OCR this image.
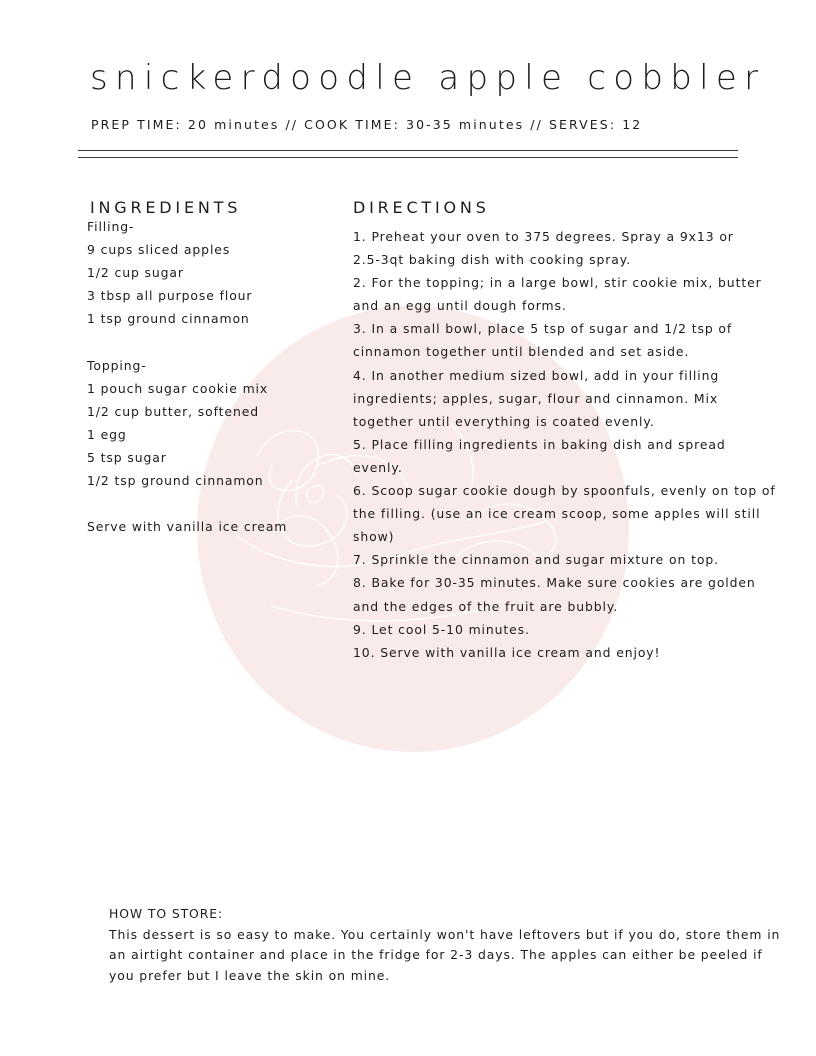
snickerdoodle apple cobbler
PREP TIME: 20 minutes // COOK TIME: 30-35 minutes // SERVES: 12
INGREDIENTS	DIRECTIONS
Filling-
9 cups sliced apples
1/2 cup sugar
3 tbsp all purpose flour
1 tsp ground cinnamon
Topping-
1 pouch sugar cookie mix
1/2 cup butter, softened
1 egg
5 tsp sugar
1/2 tsp ground cinnamon
Serve with vanilla ice cream
1. Preheat your oven to 375 degrees. Spray a 9x13 or
2.5-3qt baking dish with cooking spray.
2. For the topping; in a large bowl, stir cookie mix, butter
and an egg until dough forms.
3. In a small bowl, place 5 tsp of sugar and 1/2 tsp of
cinnamon together until blended and set aside.
4. In another medium sized bowl, add in your filling
ingredients; apples, sugar, flour and cinnamon. Mix
together until everything is coated evenly.
5. Place filling ingredients in baking dish and spread
evenly.
6. Scoop sugar cookie dough by spoonfuls, evenly on top of
the filling. (use an ice cream scoop, some apples will still
show)
7. Sprinkle the cinnamon and sugar mixture on top.
8. Bake for 30-35 minutes. Make sure cookies are golden
and the edges of the fruit are bubbly.
9. Let cool 5-10 minutes.
10. Serve with vanilla ice cream and enjoy!
HOW TO STORE:
This dessert is so easy to make. You certainly won't have leftovers but if you do, store them in
an airtight container and place in the fridge for 2-3 days. The apples can either be peeled if
you prefer but I leave the skin on mine.
